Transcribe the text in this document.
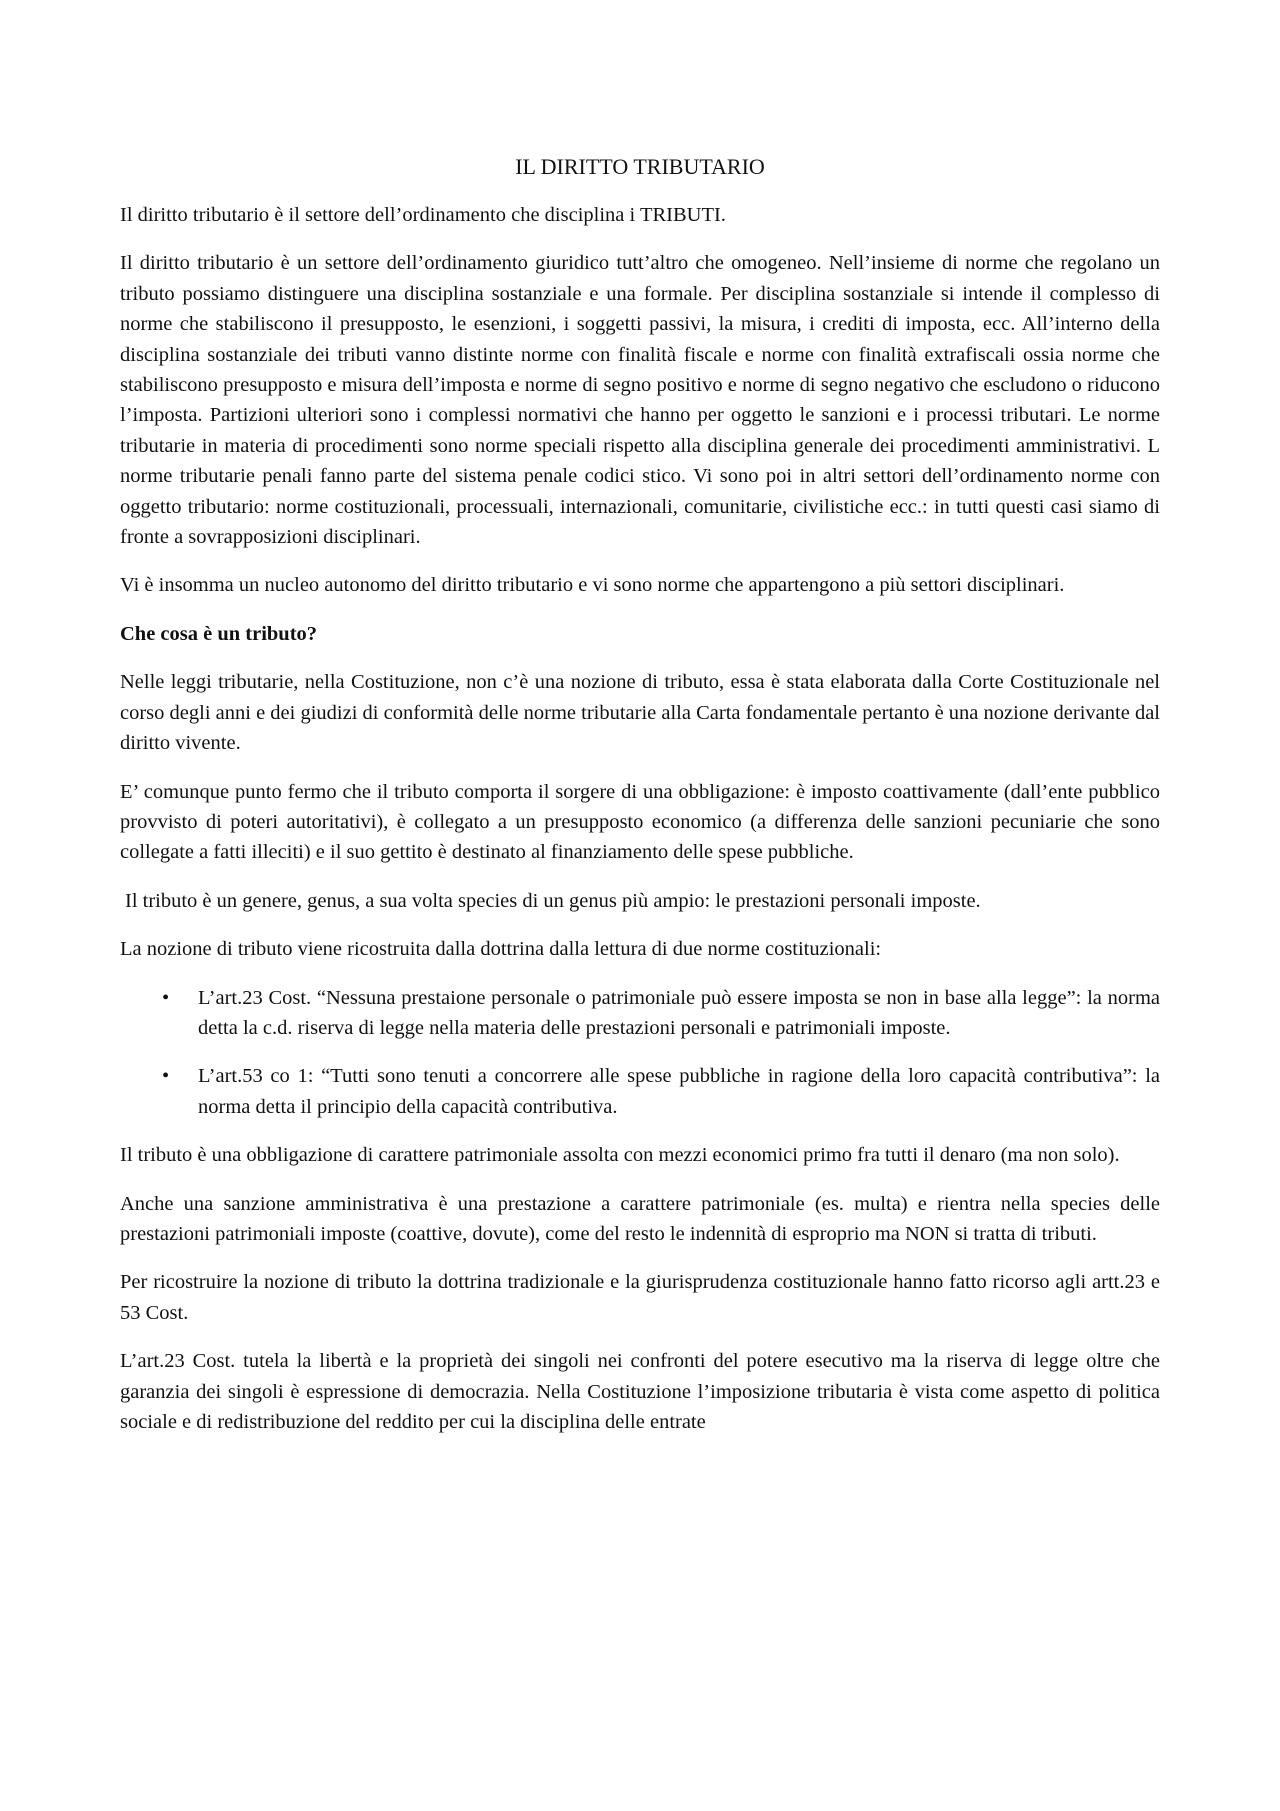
IL DIRITTO TRIBUTARIO

Il diritto tributario è il settore dell’ordinamento che disciplina i TRIBUTI.

Il diritto tributario è un settore dell’ordinamento giuridico tutt’altro che omogeneo. Nell’insieme di norme che regolano un tributo possiamo distinguere una disciplina sostanziale e una formale. Per disciplina sostanziale si intende il complesso di norme che stabiliscono il presupposto, le esenzioni, i soggetti passivi, la misura, i crediti di imposta, ecc. All’interno della disciplina sostanziale dei tributi vanno distinte norme con finalità fiscale e norme con finalità extrafiscali ossia norme che stabiliscono presupposto e misura dell’imposta e norme di segno positivo e norme di segno negativo che escludono o riducono l’imposta. Partizioni ulteriori sono i complessi normativi che hanno per oggetto le sanzioni e i processi tributari. Le norme tributarie in materia di procedimenti sono norme speciali rispetto alla disciplina generale dei procedimenti amministrativi. L norme tributarie penali fanno parte del sistema penale codici stico. Vi sono poi in altri settori dell’ordinamento norme con oggetto tributario: norme costituzionali, processuali, internazionali, comunitarie, civilistiche ecc.: in tutti questi casi siamo di fronte a sovrapposizioni disciplinari.

Vi è insomma un nucleo autonomo del diritto tributario e vi sono norme che appartengono a più settori disciplinari.

Che cosa è un tributo?

Nelle leggi tributarie, nella Costituzione, non c’è una nozione di tributo, essa è stata elaborata dalla Corte Costituzionale nel corso degli anni e dei giudizi di conformità delle norme tributarie alla Carta fondamentale pertanto è una nozione derivante dal diritto vivente.

E’ comunque punto fermo che il tributo comporta il sorgere di una obbligazione: è imposto coattivamente (dall’ente pubblico provvisto di poteri autoritativi), è collegato a un presupposto economico (a differenza delle sanzioni pecuniarie che sono collegate a fatti illeciti) e il suo gettito è destinato al finanziamento delle spese pubbliche.

Il tributo è un genere, genus, a sua volta species di un genus più ampio: le prestazioni personali imposte.

La nozione di tributo viene ricostruita dalla dottrina dalla lettura di due norme costituzionali:

• L’art.23 Cost. “Nessuna prestaione personale o patrimoniale può essere imposta se non in base alla legge”: la norma detta la c.d. riserva di legge nella materia delle prestazioni personali e patrimoniali imposte.
• L’art.53 co 1: “Tutti sono tenuti a concorrere alle spese pubbliche in ragione della loro capacità contributiva”: la norma detta il principio della capacità contributiva.

Il tributo è una obbligazione di carattere patrimoniale assolta con mezzi economici primo fra tutti il denaro (ma non solo).

Anche una sanzione amministrativa è una prestazione a carattere patrimoniale (es. multa) e rientra nella species delle prestazioni patrimoniali imposte (coattive, dovute), come del resto le indennità di esproprio ma NON si tratta di tributi.

Per ricostruire la nozione di tributo la dottrina tradizionale e la giurisprudenza costituzionale hanno fatto ricorso agli artt.23 e 53 Cost.

L’art.23 Cost. tutela la libertà e la proprietà dei singoli nei confronti del potere esecutivo ma la riserva di legge oltre che garanzia dei singoli è espressione di democrazia. Nella Costituzione l’imposizione tributaria è vista come aspetto di politica sociale e di redistribuzione del reddito per cui la disciplina delle entrate
